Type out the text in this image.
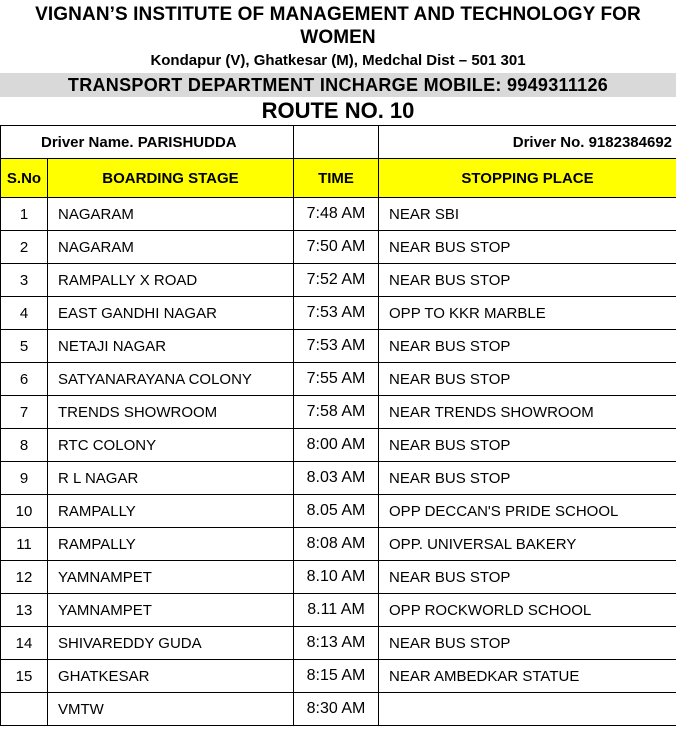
VIGNAN’S INSTITUTE OF MANAGEMENT AND TECHNOLOGY FOR
WOMEN
Kondapur (V), Ghatkesar (M), Medchal Dist – 501 301
TRANSPORT DEPARTMENT INCHARGE MOBILE: 9949311126
ROUTE NO. 10
Driver Name. PARISHUDDA			Driver No. 9182384692
S.No	BOARDING STAGE	TIME	STOPPING PLACE
1	NAGARAM	7:48 AM	NEAR SBI
2	NAGARAM	7:50 AM	NEAR BUS STOP
3	RAMPALLY X ROAD	7:52 AM	NEAR BUS STOP
4	EAST GANDHI NAGAR	7:53 AM	OPP TO KKR MARBLE
5	NETAJI NAGAR	7:53 AM	NEAR BUS STOP
6	SATYANARAYANA COLONY	7:55 AM	NEAR BUS STOP
7	TRENDS SHOWROOM	7:58 AM	NEAR TRENDS SHOWROOM
8	RTC COLONY	8:00 AM	NEAR BUS STOP
9	R L NAGAR	8.03 AM	NEAR BUS STOP
10	RAMPALLY	8.05 AM	OPP DECCAN'S PRIDE SCHOOL
11	RAMPALLY	8:08 AM	OPP. UNIVERSAL BAKERY
12	YAMNAMPET	8.10 AM	NEAR BUS STOP
13	YAMNAMPET	8.11 AM	OPP ROCKWORLD SCHOOL
14	SHIVAREDDY GUDA	8:13 AM	NEAR BUS STOP
15	GHATKESAR	8:15 AM	NEAR AMBEDKAR STATUE
	VMTW	8:30 AM	
